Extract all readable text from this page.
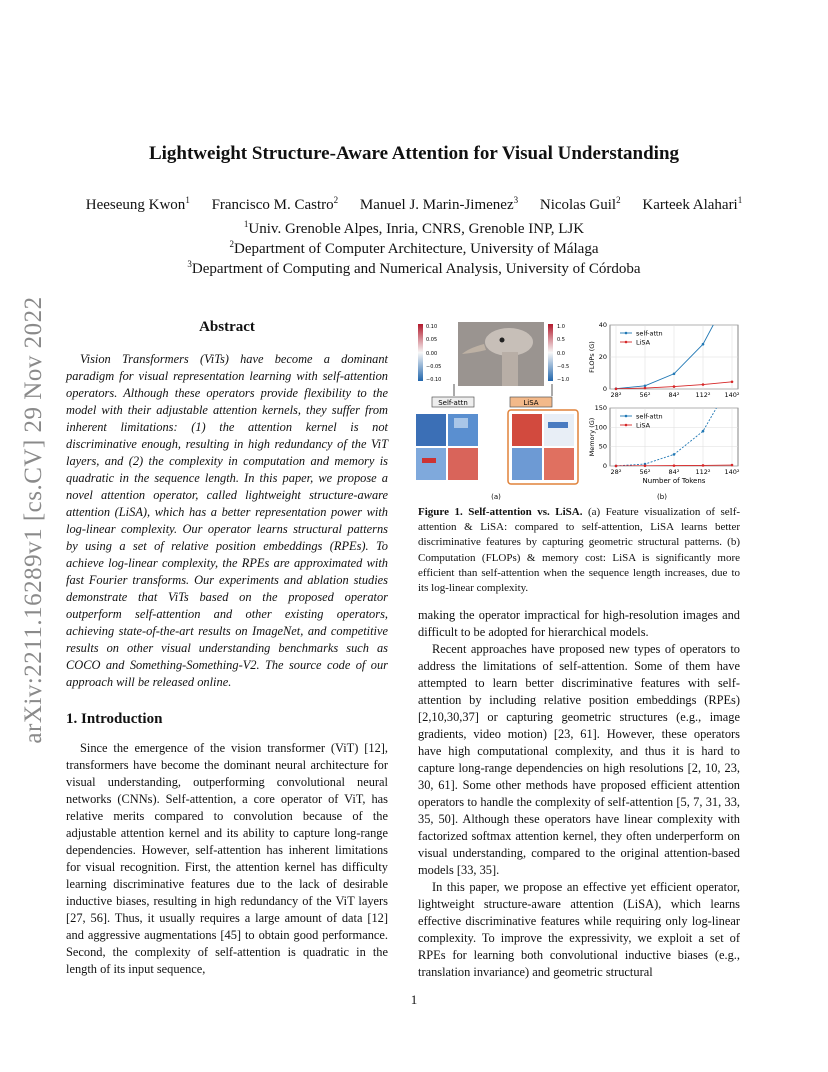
Lightweight Structure-Aware Attention for Visual Understanding
Heeseung Kwon$^1$ Francisco M. Castro$^2$ Manuel J. Marin-Jimenez$^3$ Nicolas Guil$^2$ Karteek Alahari$^1$
$^1$Univ. Grenoble Alpes, Inria, CNRS, Grenoble INP, LJK
$^2$Department of Computer Architecture, University of Málaga
$^3$Department of Computing and Numerical Analysis, University of Córdoba
arXiv:2211.16289v1 [cs.CV] 29 Nov 2022	Abstract
Vision Transformers (ViTs) have become a dominant paradigm for visual representation learning with self-attention operators. Although these operators provide flexibility to the model with their adjustable attention kernels, they suffer from inherent limitations: (1) the attention kernel is not discriminative enough, resulting in high redundancy of the ViT layers, and (2) the complexity in computation and memory is quadratic in the sequence length. In this paper, we propose a novel attention operator, called lightweight structure-aware attention (LiSA), which has a better representation power with log-linear complexity. Our operator learns structural patterns by using a set of relative position embeddings (RPEs). To achieve log-linear complexity, the RPEs are approximated with fast Fourier transforms. Our experiments and ablation studies demonstrate that ViTs based on the proposed operator outperform self-attention and other existing operators, achieving state-of-the-art results on ImageNet, and competitive results on other visual understanding benchmarks such as COCO and Something-Something-V2. The source code of our approach will be released online.
1. Introduction
Since the emergence of the vision transformer (ViT) [12], transformers have become the dominant neural architecture for visual understanding, outperforming convolutional neural networks (CNNs). Self-attention, a core operator of ViT, has relative merits compared to convolution because of the adjustable attention kernel and its ability to capture long-range dependencies. However, self-attention has inherent limitations for visual recognition. First, the attention kernel has difficulty learning discriminative features due to the lack of desirable inductive biases, resulting in high redundancy of the ViT layers [27, 56]. Thus, it usually requires a large amount of data [12] and aggressive augmentations [45] to obtain good performance. Second, the complexity of self-attention is quadratic in the length of its input sequence,
0.10
0.05
0.00
−0.05
−0.10
1.0
0.5
0.0
−0.5
−1.0
Self-attn	LiSA
(a)
0
20
40
28²	56²	84² 112² 140²
FLOPs (G)
self-attn
LiSA
0
50
100
150
28²	56²	84² 112² 140²
Memory (G)
Number of Tokens
self-attn
LiSA
(b)
Figure 1. Self-attention vs. LiSA. (a) Feature visualization of self-attention & LiSA: compared to self-attention, LiSA learns better discriminative features by capturing geometric structural patterns. (b) Computation (FLOPs) & memory cost: LiSA is significantly more efficient than self-attention when the sequence length increases, due to its log-linear complexity.

making the operator impractical for high-resolution images and difficult to be adopted for hierarchical models.

Recent approaches have proposed new types of operators to address the limitations of self-attention. Some of them have attempted to learn better discriminative features with self-attention by including relative position embeddings (RPEs) [2,10,30,37] or capturing geometric structures (e.g., image gradients, video motion) [23, 61]. However, these operators have high computational complexity, and thus it is hard to capture long-range dependencies on high resolutions [2, 10, 23, 30, 61]. Some other methods have proposed efficient attention operators to handle the complexity of self-attention [5, 7, 31, 33, 35, 50]. Although these operators have linear complexity with factorized softmax attention kernel, they often underperform on visual understanding, compared to the original attention-based models [33, 35].

In this paper, we propose an effective yet efficient operator, lightweight structure-aware attention (LiSA), which learns effective discriminative features while requiring only log-linear complexity. To improve the expressivity, we exploit a set of RPEs for learning both convolutional inductive biases (e.g., translation invariance) and geometric structural

1
